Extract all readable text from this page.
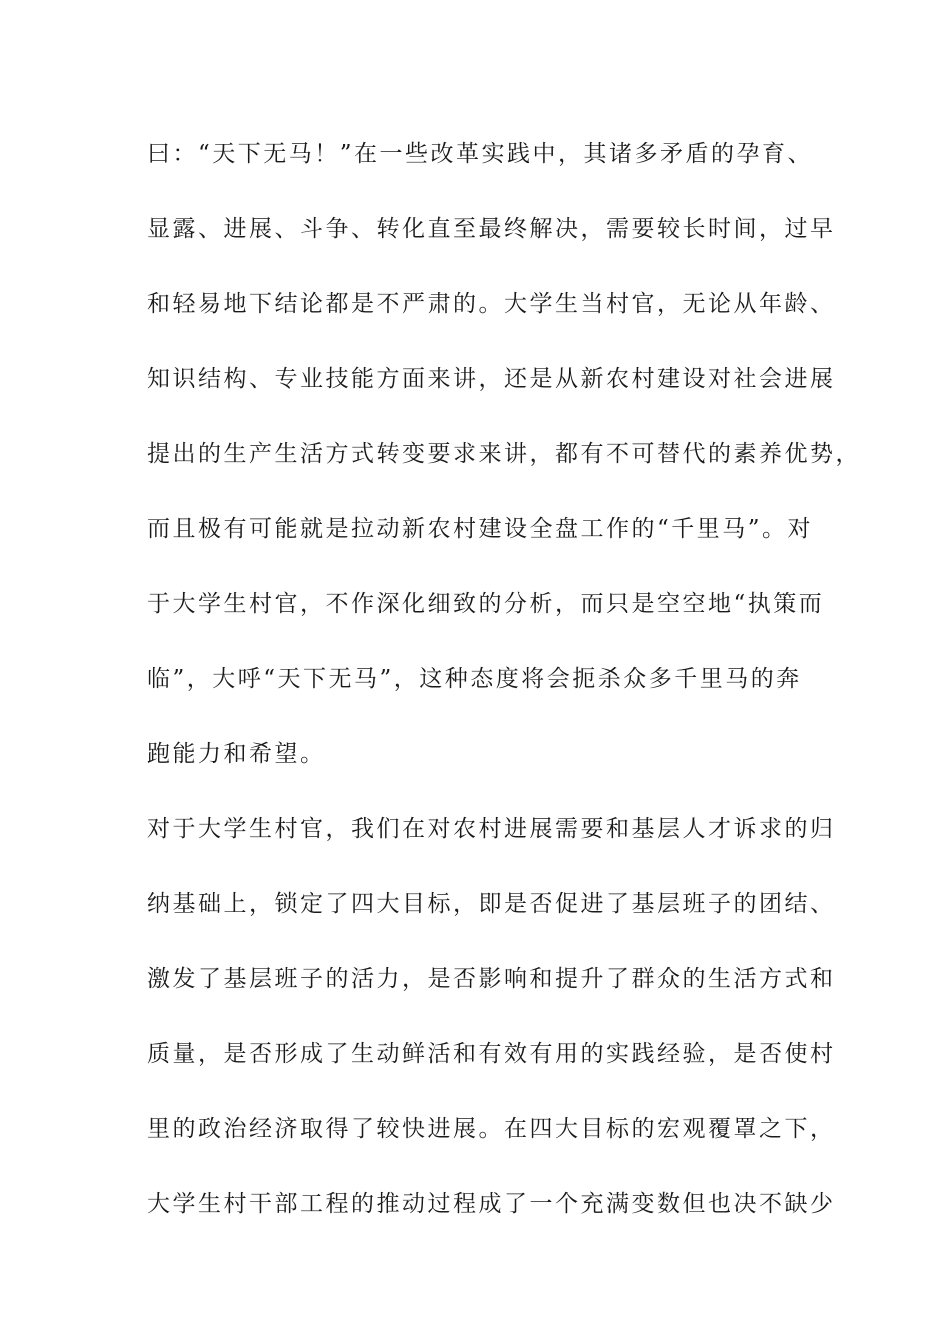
曰：“天下无马！”在一些改革实践中，其诸多矛盾的孕育、
显露、进展、斗争、转化直至最终解决，需要较长时间，过早
和轻易地下结论都是不严肃的。大学生当村官，无论从年龄、
知识结构、专业技能方面来讲，还是从新农村建设对社会进展
提出的生产生活方式转变要求来讲，都有不可替代的素养优势，
而且极有可能就是拉动新农村建设全盘工作的“千里马”。对
于大学生村官，不作深化细致的分析，而只是空空地“执策而
临”，大呼“天下无马”，这种态度将会扼杀众多千里马的奔
跑能力和希望。
对于大学生村官，我们在对农村进展需要和基层人才诉求的归
纳基础上，锁定了四大目标，即是否促进了基层班子的团结、
激发了基层班子的活力，是否影响和提升了群众的生活方式和
质量，是否形成了生动鲜活和有效有用的实践经验，是否使村
里的政治经济取得了较快进展。在四大目标的宏观覆罩之下，
大学生村干部工程的推动过程成了一个充满变数但也决不缺少
